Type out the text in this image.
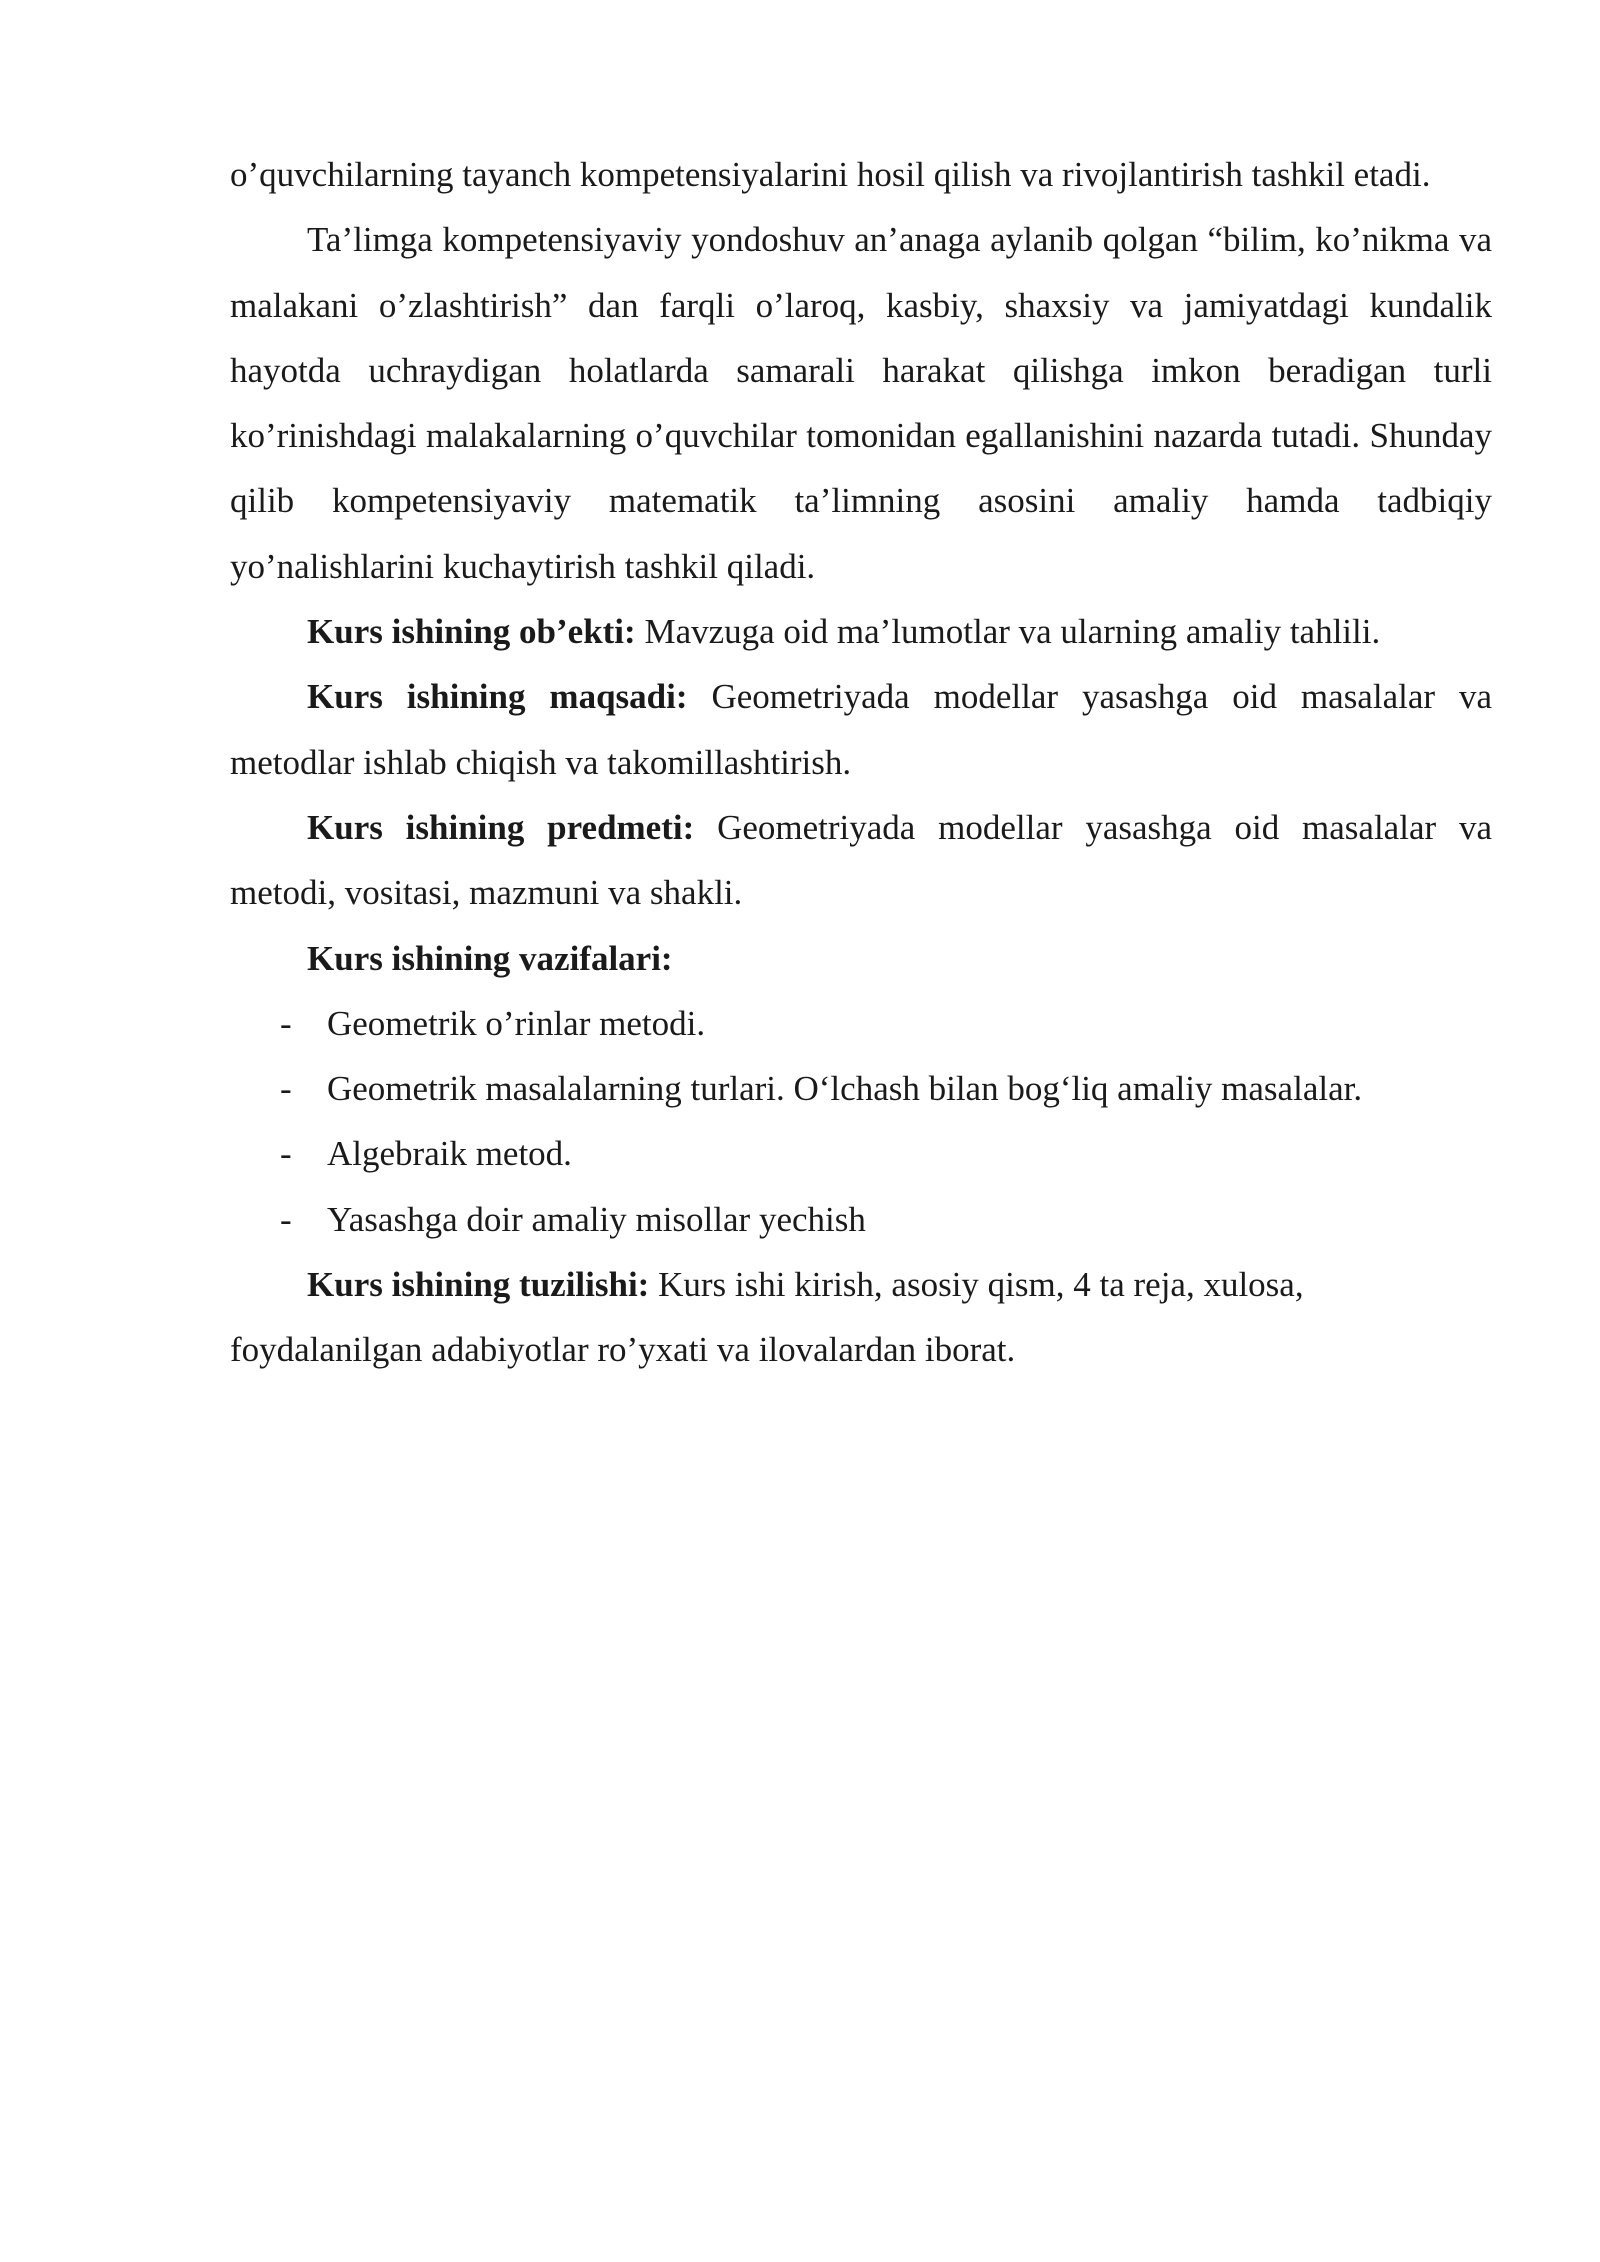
o’quvchilarning tayanch kompetensiyalarini hosil qilish va rivojlantirish tashkil etadi.

Ta’limga kompetensiyaviy yondoshuv an’anaga aylanib qolgan “bilim, ko’nikma va malakani o’zlashtirish” dan farqli o’laroq, kasbiy, shaxsiy va jamiyatdagi kundalik hayotda uchraydigan holatlarda samarali harakat qilishga imkon beradigan turli ko’rinishdagi malakalarning o’quvchilar tomonidan egallanishini nazarda tutadi. Shunday qilib kompetensiyaviy matematik ta’limning asosini amaliy hamda tadbiqiy yo’nalishlarini kuchaytirish tashkil qiladi.

Kurs ishining ob’ekti: Mavzuga oid ma’lumotlar va ularning amaliy tahlili.

Kurs ishining maqsadi: Geometriyada modellar yasashga oid masalalar va metodlar ishlab chiqish va takomillashtirish.

Kurs ishining predmeti: Geometriyada modellar yasashga oid masalalar va metodi, vositasi, mazmuni va shakli.

Kurs ishining vazifalari:

- Geometrik o’rinlar metodi.
- Geometrik masalalarning turlari. O‘lchash bilan bog‘liq amaliy masalalar.
- Algebraik metod.
- Yasashga doir amaliy misollar yechish

Kurs ishining tuzilishi: Kurs ishi kirish, asosiy qism, 4 ta reja, xulosa, foydalanilgan adabiyotlar ro’yxati va ilovalardan iborat.
